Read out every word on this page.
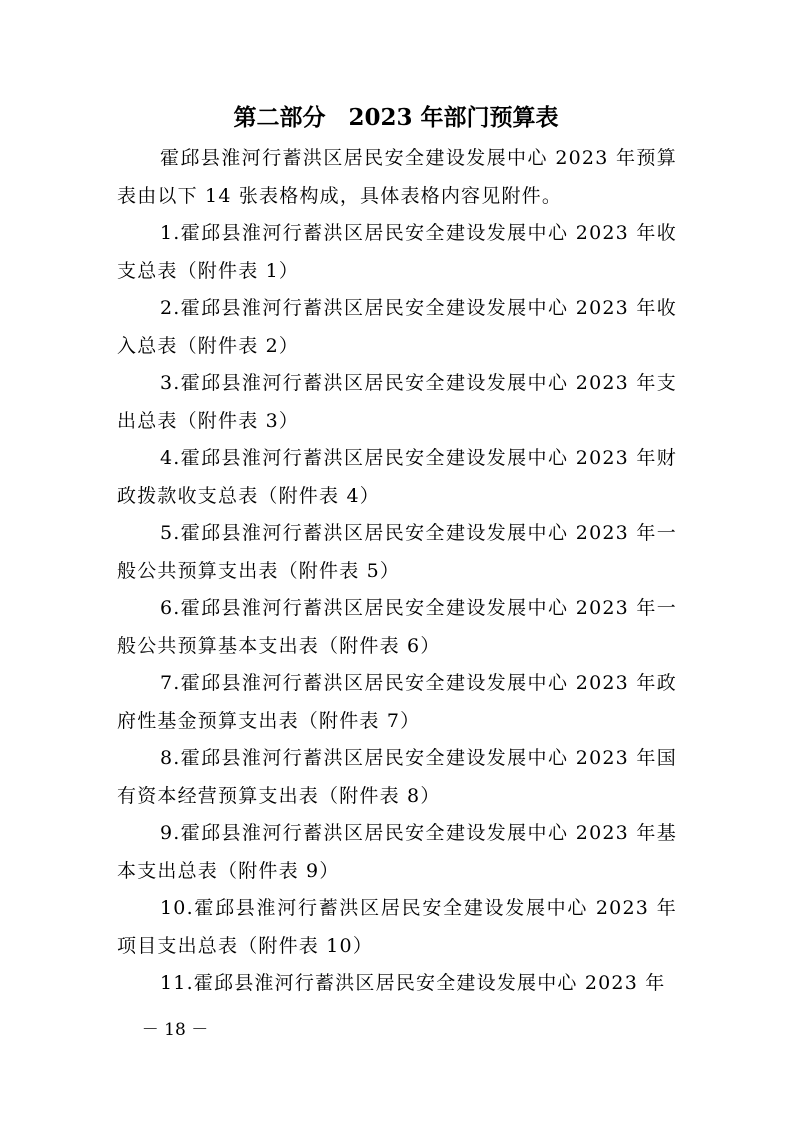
第二部分　2023 年部门预算表

霍邱县淮河行蓄洪区居民安全建设发展中心 2023 年预算表由以下 14 张表格构成，具体表格内容见附件。

1.霍邱县淮河行蓄洪区居民安全建设发展中心 2023 年收支总表（附件表 1）

2.霍邱县淮河行蓄洪区居民安全建设发展中心 2023 年收入总表（附件表 2）

3.霍邱县淮河行蓄洪区居民安全建设发展中心 2023 年支出总表（附件表 3）

4.霍邱县淮河行蓄洪区居民安全建设发展中心 2023 年财政拨款收支总表（附件表 4）

5.霍邱县淮河行蓄洪区居民安全建设发展中心 2023 年一般公共预算支出表（附件表 5）

6.霍邱县淮河行蓄洪区居民安全建设发展中心 2023 年一般公共预算基本支出表（附件表 6）

7.霍邱县淮河行蓄洪区居民安全建设发展中心 2023 年政府性基金预算支出表（附件表 7）

8.霍邱县淮河行蓄洪区居民安全建设发展中心 2023 年国有资本经营预算支出表（附件表 8）

9.霍邱县淮河行蓄洪区居民安全建设发展中心 2023 年基本支出总表（附件表 9）

10.霍邱县淮河行蓄洪区居民安全建设发展中心 2023 年项目支出总表（附件表 10）

11.霍邱县淮河行蓄洪区居民安全建设发展中心 2023 年

－ 18 －
